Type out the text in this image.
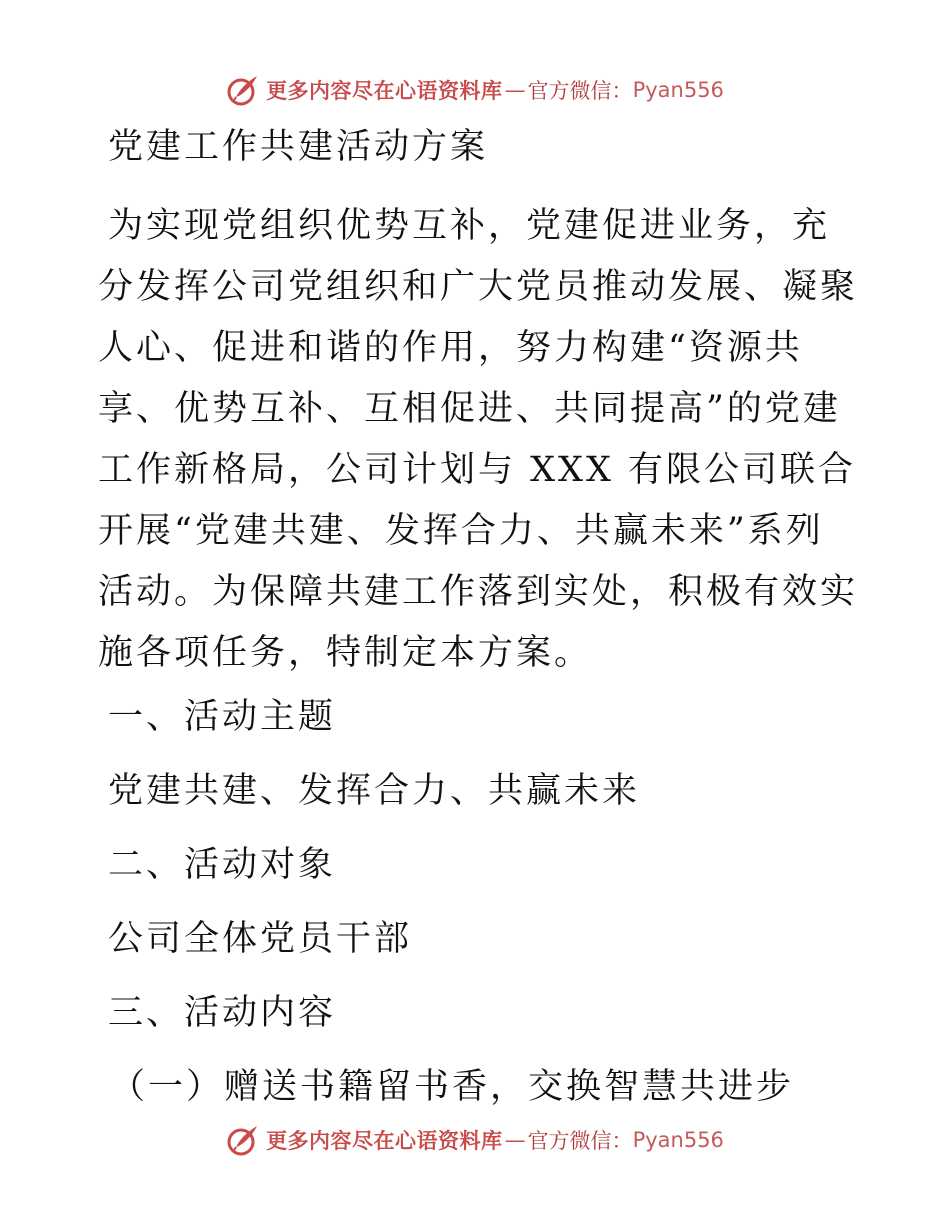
更多内容尽在心语资料库 — 官方微信： Pyan556
党建工作共建活动方案

为实现党组织优势互补，党建促进业务，充分发挥公司党组织和广大党员推动发展、凝聚人心、促进和谐的作用，努力构建“资源共享、优势互补、互相促进、共同提高”的党建工作新格局，公司计划与 XXX 有限公司联合开展“党建共建、发挥合力、共赢未来”系列活动。为保障共建工作落到实处，积极有效实施各项任务，特制定本方案。

一、活动主题

党建共建、发挥合力、共赢未来

二、活动对象

公司全体党员干部

三、活动内容
（一）赠送书籍留书香，交换智慧共进步
更多内容尽在心语资料库 — 官方微信： Pyan556
